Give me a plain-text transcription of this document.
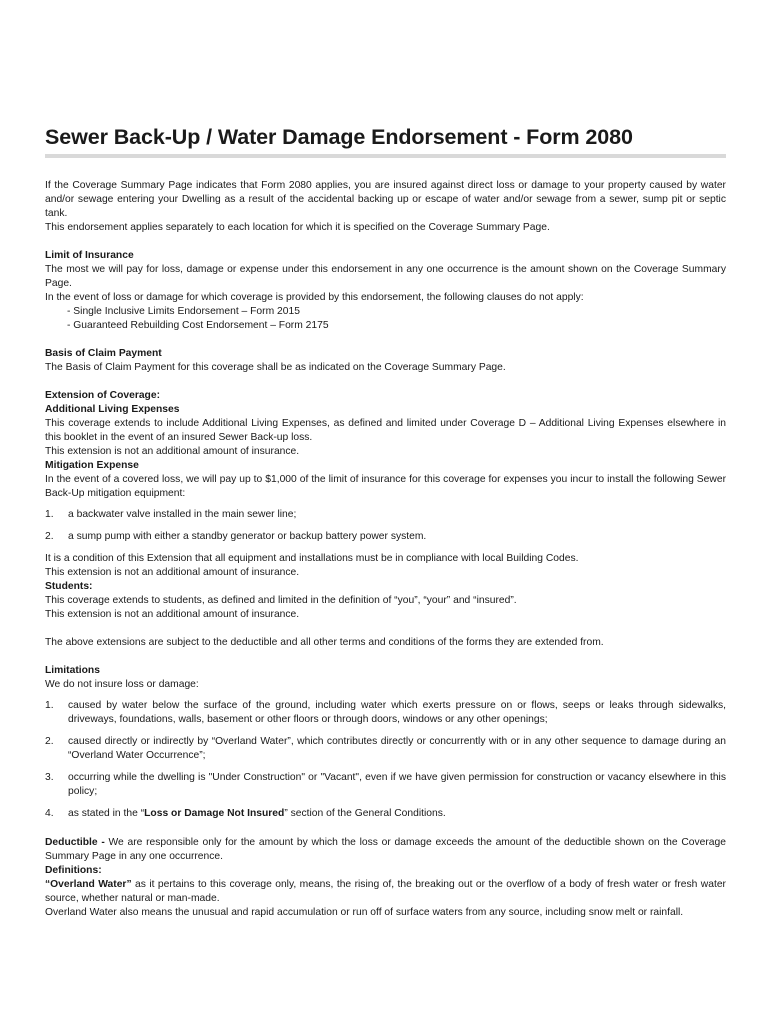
Sewer Back-Up / Water Damage Endorsement - Form 2080

If the Coverage Summary Page indicates that Form 2080 applies, you are insured against direct loss or damage to your property caused by water and/or sewage entering your Dwelling as a result of the accidental backing up or escape of water and/or sewage from a sewer, sump pit or septic tank.

This endorsement applies separately to each location for which it is specified on the Coverage Summary Page.

Limit of Insurance

The most we will pay for loss, damage or expense under this endorsement in any one occurrence is the amount shown on the Coverage Summary Page.

In the event of loss or damage for which coverage is provided by this endorsement, the following clauses do not apply:

- Single Inclusive Limits Endorsement – Form 2015

- Guaranteed Rebuilding Cost Endorsement – Form 2175

Basis of Claim Payment

The Basis of Claim Payment for this coverage shall be as indicated on the Coverage Summary Page.

Extension of Coverage:

Additional Living Expenses

This coverage extends to include Additional Living Expenses, as defined and limited under Coverage D – Additional Living Expenses elsewhere in this booklet in the event of an insured Sewer Back-up loss.

This extension is not an additional amount of insurance.

Mitigation Expense

In the event of a covered loss, we will pay up to $1,000 of the limit of insurance for this coverage for expenses you incur to install the following Sewer Back-Up mitigation equipment:

1. a backwater valve installed in the main sewer line;
2. a sump pump with either a standby generator or backup battery power system.

It is a condition of this Extension that all equipment and installations must be in compliance with local Building Codes.

This extension is not an additional amount of insurance.

Students:

This coverage extends to students, as defined and limited in the definition of “you”, “your” and “insured”.

This extension is not an additional amount of insurance.

The above extensions are subject to the deductible and all other terms and conditions of the forms they are extended from.

Limitations

We do not insure loss or damage:

1. caused by water below the surface of the ground, including water which exerts pressure on or flows, seeps or leaks through sidewalks, driveways, foundations, walls, basement or other floors or through doors, windows or any other openings;
2. caused directly or indirectly by “Overland Water”, which contributes directly or concurrently with or in any other sequence to damage during an “Overland Water Occurrence”;
3. occurring while the dwelling is "Under Construction" or "Vacant", even if we have given permission for construction or vacancy elsewhere in this policy;
4. as stated in the “Loss or Damage Not Insured” section of the General Conditions.

Deductible - We are responsible only for the amount by which the loss or damage exceeds the amount of the deductible shown on the Coverage Summary Page in any one occurrence.

Definitions:

“Overland Water” as it pertains to this coverage only, means, the rising of, the breaking out or the overflow of a body of fresh water or fresh water source, whether natural or man-made.

Overland Water also means the unusual and rapid accumulation or run off of surface waters from any source, including snow melt or rainfall.
